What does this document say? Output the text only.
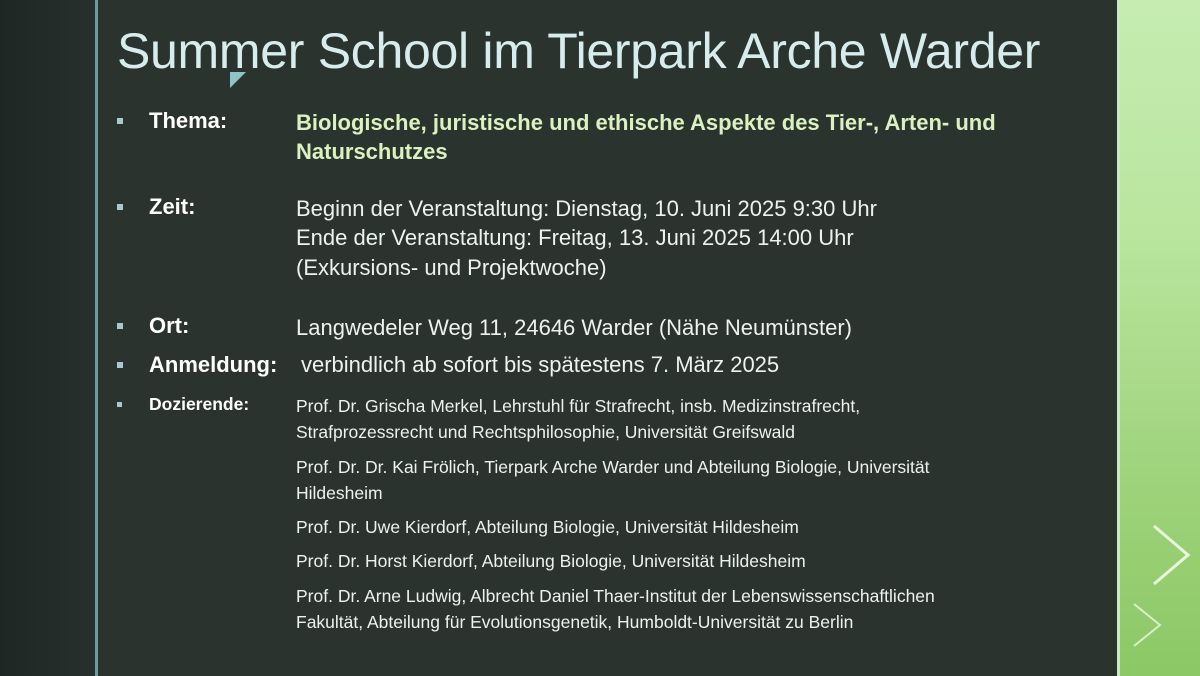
Summer School im Tierpark Arche Warder
Thema:	Biologische, juristische und ethische Aspekte des Tier-, Arten- und
Naturschutzes
Zeit:	Beginn der Veranstaltung: Dienstag, 10. Juni 2025 9:30 Uhr
Ende der Veranstaltung: Freitag, 13. Juni 2025 14:00 Uhr
(Exkursions- und Projektwoche)
Ort:	Langwedeler Weg 11, 24646 Warder (Nähe Neumünster)
Anmeldung: verbindlich ab sofort bis spätestens 7. März 2025
Dozierende:	Prof. Dr. Grischa Merkel, Lehrstuhl für Strafrecht, insb. Medizinstrafrecht,
Strafprozessrecht und Rechtsphilosophie, Universität Greifswald
Prof. Dr. Dr. Kai Frölich, Tierpark Arche Warder und Abteilung Biologie, Universität
Hildesheim
Prof. Dr. Uwe Kierdorf, Abteilung Biologie, Universität Hildesheim
Prof. Dr. Horst Kierdorf, Abteilung Biologie, Universität Hildesheim
Prof. Dr. Arne Ludwig, Albrecht Daniel Thaer-Institut der Lebenswissenschaftlichen
Fakultät, Abteilung für Evolutionsgenetik, Humboldt-Universität zu Berlin
